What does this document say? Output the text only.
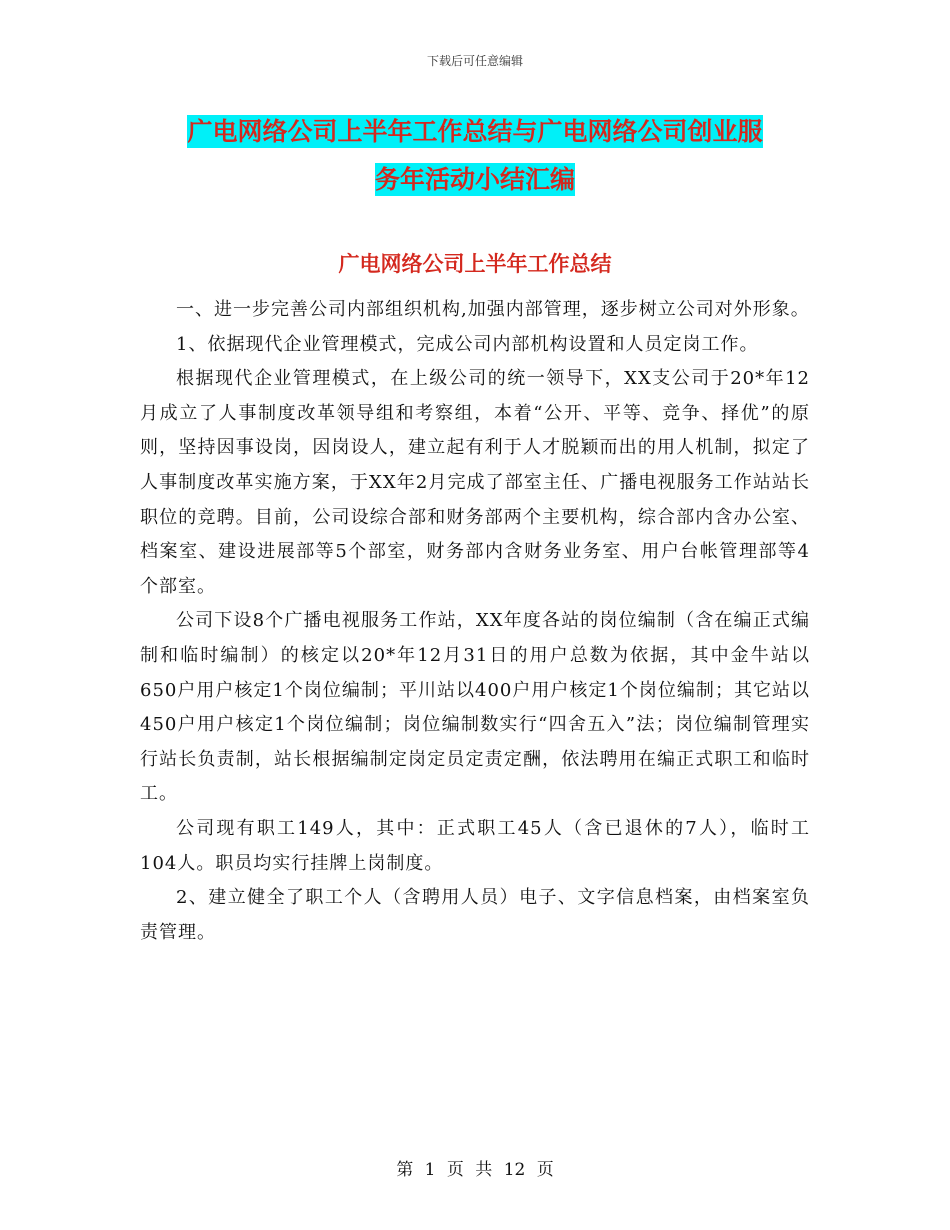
下载后可任意编辑
广电网络公司上半年工作总结与广电网络公司创业服
务年活动小结汇编
广电网络公司上半年工作总结

一、进一步完善公司内部组织机构,加强内部管理，逐步树立公司对外形象。

1、依据现代企业管理模式，完成公司内部机构设置和人员定岗工作。

根据现代企业管理模式，在上级公司的统一领导下，XX支公司于20*年12月成立了人事制度改革领导组和考察组，本着“公开、平等、竞争、择优”的原则，坚持因事设岗，因岗设人，建立起有利于人才脱颖而出的用人机制，拟定了人事制度改革实施方案，于XX年2月完成了部室主任、广播电视服务工作站站长职位的竞聘。目前，公司设综合部和财务部两个主要机构，综合部内含办公室、档案室、建设进展部等5个部室，财务部内含财务业务室、用户台帐管理部等4个部室。

公司下设8个广播电视服务工作站，XX年度各站的岗位编制（含在编正式编制和临时编制）的核定以20*年12月31日的用户总数为依据，其中金牛站以650户用户核定1个岗位编制；平川站以400户用户核定1个岗位编制；其它站以450户用户核定1个岗位编制；岗位编制数实行“四舍五入”法；岗位编制管理实行站长负责制，站长根据编制定岗定员定责定酬，依法聘用在编正式职工和临时工。

公司现有职工149人，其中：正式职工45人（含已退休的7人），临时工104人。职员均实行挂牌上岗制度。

2、建立健全了职工个人（含聘用人员）电子、文字信息档案，由档案室负责管理。

第 1 页 共 12 页
